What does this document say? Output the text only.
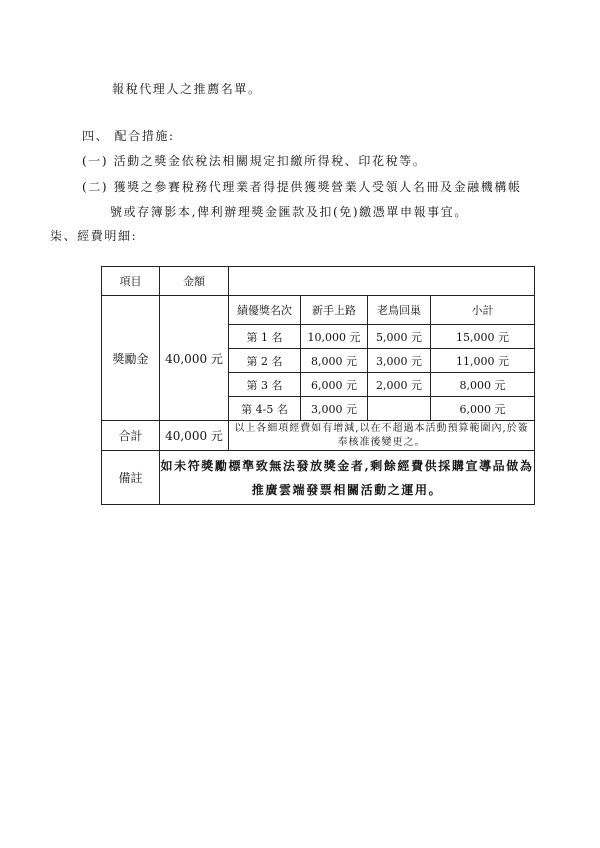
報稅代理人之推薦名單。
四、 配合措施:
(一) 活動之獎金依稅法相關規定扣繳所得稅、印花稅等。
(二) 獲獎之參賽稅務代理業者得提供獲獎營業人受領人名冊及金融機構帳
號或存簿影本,俾利辦理獎金匯款及扣(免)繳憑單申報事宜。
柒、經費明細:
項目	金額				
獎勵金	40,000 元	績優獎名次	新手上路	老鳥回巢	小計
		第 1 名	10,000 元	5,000 元	15,000 元
		第 2 名	8,000 元	3,000 元	11,000 元
		第 3 名	6,000 元	2,000 元	8,000 元
		第 4-5 名	3,000 元		6,000 元
合計	40,000 元	以上各細項經費如有增減,以在不超過本活動預算範圍內,於簽奉核准後變更之。			
備註	如未符獎勵標準致無法發放獎金者,剩餘經費供採購宣導品做為推廣雲端發票相關活動之運用。				
